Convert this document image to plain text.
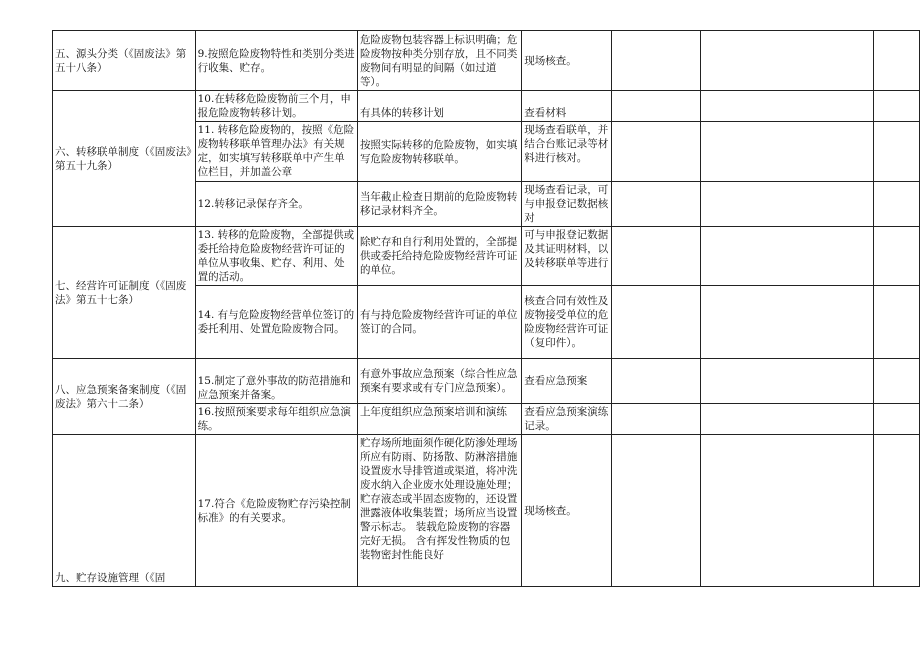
五、源头分类（《固废法》第五十八条）	9.按照危险废物特性和类别分类进行收集、贮存。	危险废物包装容器上标识明确；危险废物按种类分别存放，且不同类废物间有明显的间隔（如过道等）。	现场核查。			
六、转移联单制度（《固废法》第五十九条）	10.在转移危险废物前三个月，申报危险废物转移计划。	有具体的转移计划	查看材料			
	11. 转移危险废物的，按照《危险废物转移联单管理办法》有关规定，如实填写转移联单中产生单位栏目，并加盖公章	按照实际转移的危险废物，如实填写危险废物转移联单。	现场查看联单，并结合台账记录等材料进行核对。			
	12.转移记录保存齐全。	当年截止检查日期前的危险废物转移记录材料齐全。	现场查看记录，可与申报登记数据核对			
七、经营许可证制度（《固废法》第五十七条）	13. 转移的危险废物，全部提供或委托给持危险废物经营许可证的单位从事收集、贮存、利用、处置的活动。	除贮存和自行利用处置的，全部提供或委托给持危险废物经营许可证的单位。	可与申报登记数据及其证明材料，以及转移联单等进行			
	14. 有与危险废物经营单位签订的委托利用、处置危险废物合同。	有与持危险废物经营许可证的单位签订的合同。	核查合同有效性及废物接受单位的危险废物经营许可证（复印件）。			
八、应急预案备案制度（《固废法》第六十二条）	15.制定了意外事故的防范措施和应急预案并备案。	有意外事故应急预案（综合性应急预案有要求或有专门应急预案）。	查看应急预案			
	16.按照预案要求每年组织应急演练。	上年度组织应急预案培训和演练	查看应急预案演练记录。			
九、贮存设施管理（《固	17.符合《危险废物贮存污染控制标准》的有关要求。	贮存场所地面须作硬化防渗处理场所应有防雨、防扬散、防淋溶措施 设置废水导排管道或渠道，将冲洗废水纳入企业废水处理设施处理；贮存液态或半固态废物的，还设置泄露液体收集装置；场所应当设置警示标志。 装载危险废物的容器完好无损。 含有挥发性物质的包装物密封性能良好	现场核查。			
